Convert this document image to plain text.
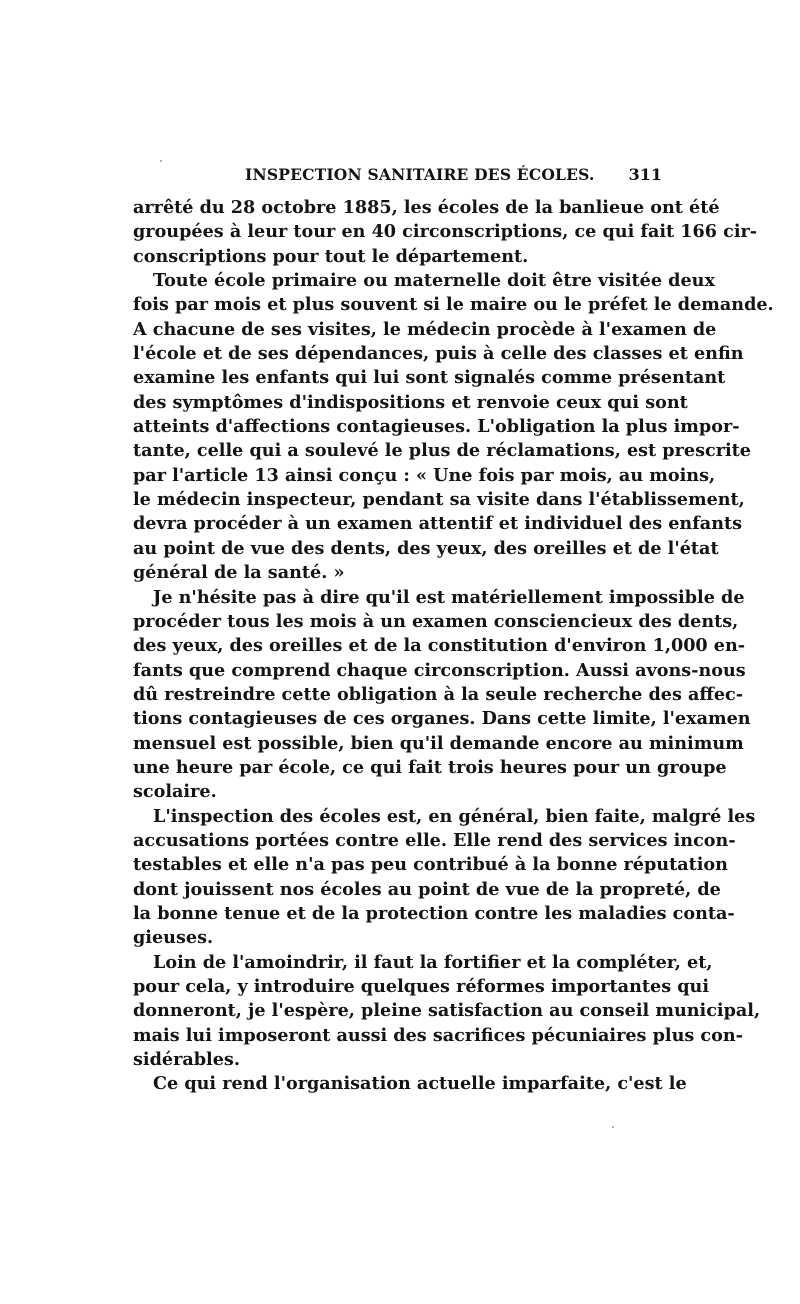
INSPECTION SANITAIRE DES ÉCOLES. 311
arrêté du 28 octobre 1885, les écoles de la banlieue ont été
groupées à leur tour en 40 circonscriptions, ce qui fait 166 cir-
conscriptions pour tout le département.
Toute école primaire ou maternelle doit être visitée deux
fois par mois et plus souvent si le maire ou le préfet le demande.
A chacune de ses visites, le médecin procède à l'examen de
l'école et de ses dépendances, puis à celle des classes et enfin
examine les enfants qui lui sont signalés comme présentant
des symptômes d'indispositions et renvoie ceux qui sont
atteints d'affections contagieuses. L'obligation la plus impor-
tante, celle qui a soulevé le plus de réclamations, est prescrite
par l'article 13 ainsi conçu : « Une fois par mois, au moins,
le médecin inspecteur, pendant sa visite dans l'établissement,
devra procéder à un examen attentif et individuel des enfants
au point de vue des dents, des yeux, des oreilles et de l'état
général de la santé. »
Je n'hésite pas à dire qu'il est matériellement impossible de
procéder tous les mois à un examen consciencieux des dents,
des yeux, des oreilles et de la constitution d'environ 1,000 en-
fants que comprend chaque circonscription. Aussi avons-nous
dû restreindre cette obligation à la seule recherche des affec-
tions contagieuses de ces organes. Dans cette limite, l'examen
mensuel est possible, bien qu'il demande encore au minimum
une heure par école, ce qui fait trois heures pour un groupe
scolaire.
L'inspection des écoles est, en général, bien faite, malgré les
accusations portées contre elle. Elle rend des services incon-
testables et elle n'a pas peu contribué à la bonne réputation
dont jouissent nos écoles au point de vue de la propreté, de
la bonne tenue et de la protection contre les maladies conta-
gieuses.
Loin de l'amoindrir, il faut la fortifier et la compléter, et,
pour cela, y introduire quelques réformes importantes qui
donneront, je l'espère, pleine satisfaction au conseil municipal,
mais lui imposeront aussi des sacrifices pécuniaires plus con-
sidérables.
Ce qui rend l'organisation actuelle imparfaite, c'est le
